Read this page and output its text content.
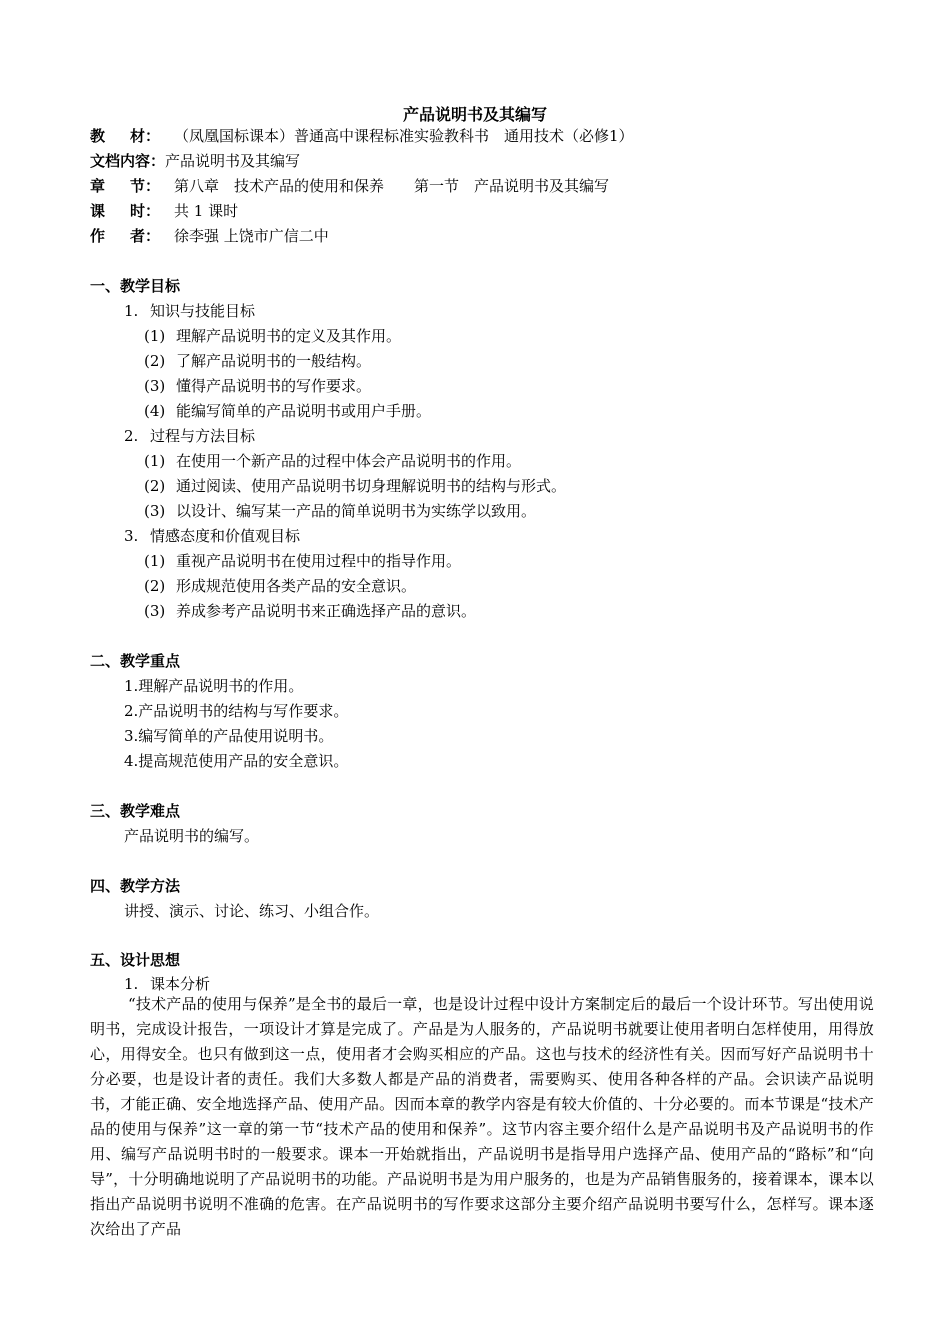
产品说明书及其编写
教 材： （凤凰国标课本）普通高中课程标准实验教科书　通用技术（必修1）
文档内容：产品说明书及其编写
章 节： 第八章　技术产品的使用和保养　　第一节　产品说明书及其编写
课 时： 共 1 课时
作 者： 徐李强 上饶市广信二中
一、教学目标
1. 知识与技能目标
(1) 理解产品说明书的定义及其作用。
(2) 了解产品说明书的一般结构。
(3) 懂得产品说明书的写作要求。
(4) 能编写简单的产品说明书或用户手册。
2. 过程与方法目标
(1) 在使用一个新产品的过程中体会产品说明书的作用。
(2) 通过阅读、使用产品说明书切身理解说明书的结构与形式。
(3) 以设计、编写某一产品的简单说明书为实练学以致用。
3. 情感态度和价值观目标
(1) 重视产品说明书在使用过程中的指导作用。
(2) 形成规范使用各类产品的安全意识。
(3) 养成参考产品说明书来正确选择产品的意识。
二、教学重点
1.理解产品说明书的作用。
2.产品说明书的结构与写作要求。
3.编写简单的产品使用说明书。
4.提高规范使用产品的安全意识。
三、教学难点
产品说明书的编写。
四、教学方法
讲授、演示、讨论、练习、小组合作。
五、设计思想
1. 课本分析
“技术产品的使用与保养”是全书的最后一章，也是设计过程中设计方案制定后的最后一个设计环节。写出使用说明书，完成设计报告，一项设计才算是完成了。产品是为人服务的，产品说明书就要让使用者明白怎样使用，用得放心，用得安全。也只有做到这一点，使用者才会购买相应的产品。这也与技术的经济性有关。因而写好产品说明书十分必要，也是设计者的责任。我们大多数人都是产品的消费者，需要购买、使用各种各样的产品。会识读产品说明书，才能正确、安全地选择产品、使用产品。因而本章的教学内容是有较大价值的、十分必要的。而本节课是“技术产品的使用与保养”这一章的第一节“技术产品的使用和保养”。这节内容主要介绍什么是产品说明书及产品说明书的作用、编写产品说明书时的一般要求。课本一开始就指出，产品说明书是指导用户选择产品、使用产品的“路标”和“向导”，十分明确地说明了产品说明书的功能。产品说明书是为用户服务的，也是为产品销售服务的，接着课本，课本以指出产品说明书说明不准确的危害。在产品说明书的写作要求这部分主要介绍产品说明书要写什么，怎样写。课本逐次给出了产品
